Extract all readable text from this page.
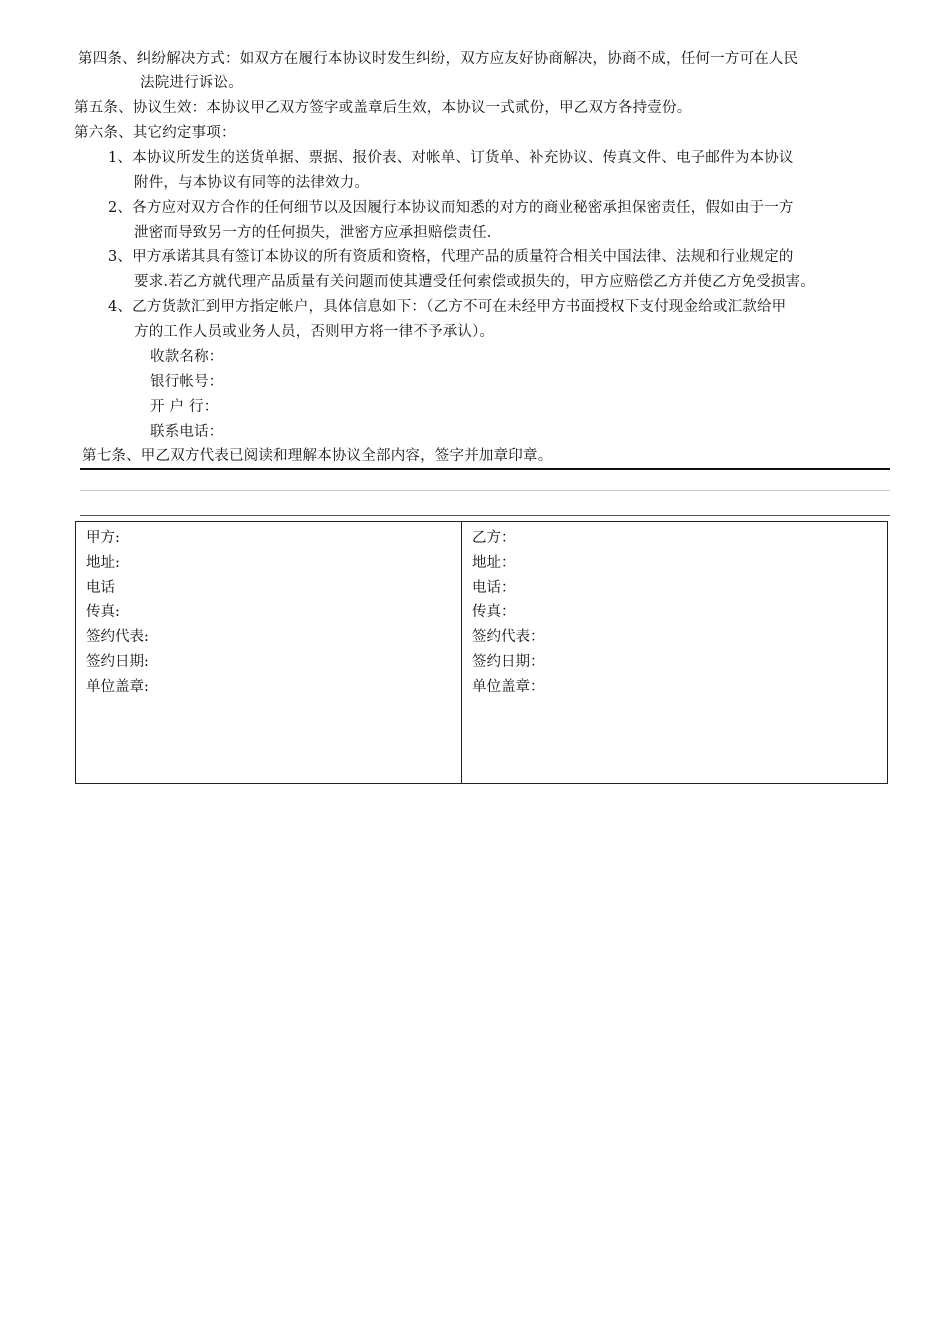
第四条、纠纷解决方式：如双方在履行本协议时发生纠纷，双方应友好协商解决，协商不成，任何一方可在人民
法院进行诉讼。
第五条、协议生效：本协议甲乙双方签字或盖章后生效，本协议一式贰份，甲乙双方各持壹份。
第六条、其它约定事项：
1、本协议所发生的送货单据、票据、报价表、对帐单、订货单、补充协议、传真文件、电子邮件为本协议
附件，与本协议有同等的法律效力。
2、各方应对双方合作的任何细节以及因履行本协议而知悉的对方的商业秘密承担保密责任，假如由于一方
泄密而导致另一方的任何损失，泄密方应承担赔偿责任.
3、甲方承诺其具有签订本协议的所有资质和资格，代理产品的质量符合相关中国法律、法规和行业规定的
要求.若乙方就代理产品质量有关问题而使其遭受任何索偿或损失的，甲方应赔偿乙方并使乙方免受损害。
4、乙方货款汇到甲方指定帐户，具体信息如下：（乙方不可在未经甲方书面授权下支付现金给或汇款给甲
方的工作人员或业务人员，否则甲方将一律不予承认）。
收款名称：
银行帐号：
开 户 行：
联系电话：
第七条、甲乙双方代表已阅读和理解本协议全部内容，签字并加章印章。
甲方:
地址:
电话
传真:
签约代表:
签约日期:
单位盖章:
乙方：
地址：
电话：
传真：
签约代表：
签约日期：
单位盖章：
